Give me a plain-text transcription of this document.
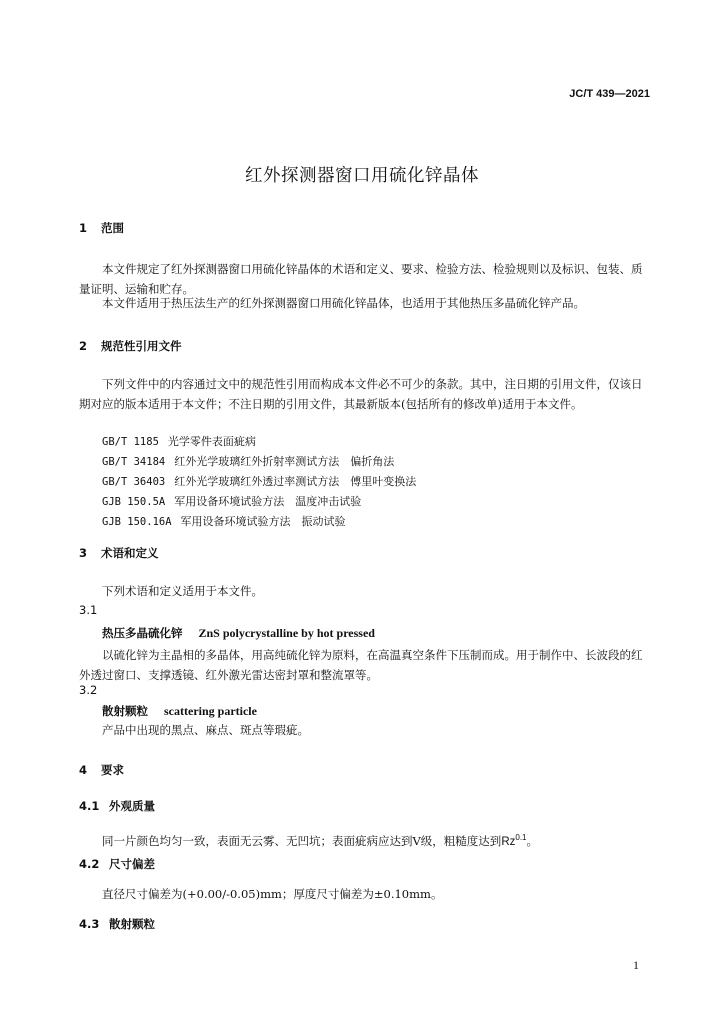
JC/T 439—2021
红外探测器窗口用硫化锌晶体
1 范围
本文件规定了红外探测器窗口用硫化锌晶体的术语和定义、要求、检验方法、检验规则以及标识、包装、质量证明、运输和贮存。
本文件适用于热压法生产的红外探测器窗口用硫化锌晶体，也适用于其他热压多晶硫化锌产品。
2 规范性引用文件
下列文件中的内容通过文中的规范性引用而构成本文件必不可少的条款。其中，注日期的引用文件，仅该日期对应的版本适用于本文件；不注日期的引用文件，其最新版本(包括所有的修改单)适用于本文件。
GB/T 1185 光学零件表面疵病
GB/T 34184 红外光学玻璃红外折射率测试方法　偏折角法
GB/T 36403 红外光学玻璃红外透过率测试方法　傅里叶变换法
GJB 150.5A 军用设备环境试验方法　温度冲击试验
GJB 150.16A 军用设备环境试验方法　振动试验
3 术语和定义
下列术语和定义适用于本文件。
3.1
热压多晶硫化锌 ZnS polycrystalline by hot pressed
以硫化锌为主晶相的多晶体，用高纯硫化锌为原料，在高温真空条件下压制而成。用于制作中、长波段的红外透过窗口、支撑透镜、红外激光雷达密封罩和整流罩等。
3.2
散射颗粒 scattering particle
产品中出现的黑点、麻点、斑点等瑕疵。
4 要求
4.1 外观质量
同一片颜色均匀一致，表面无云雾、无凹坑；表面疵病应达到Ⅴ级，粗糙度达到$Rz^{0.1}$。
4.2 尺寸偏差
直径尺寸偏差为(+0.00/-0.05)mm；厚度尺寸偏差为±0.10mm。
4.3 散射颗粒
1
